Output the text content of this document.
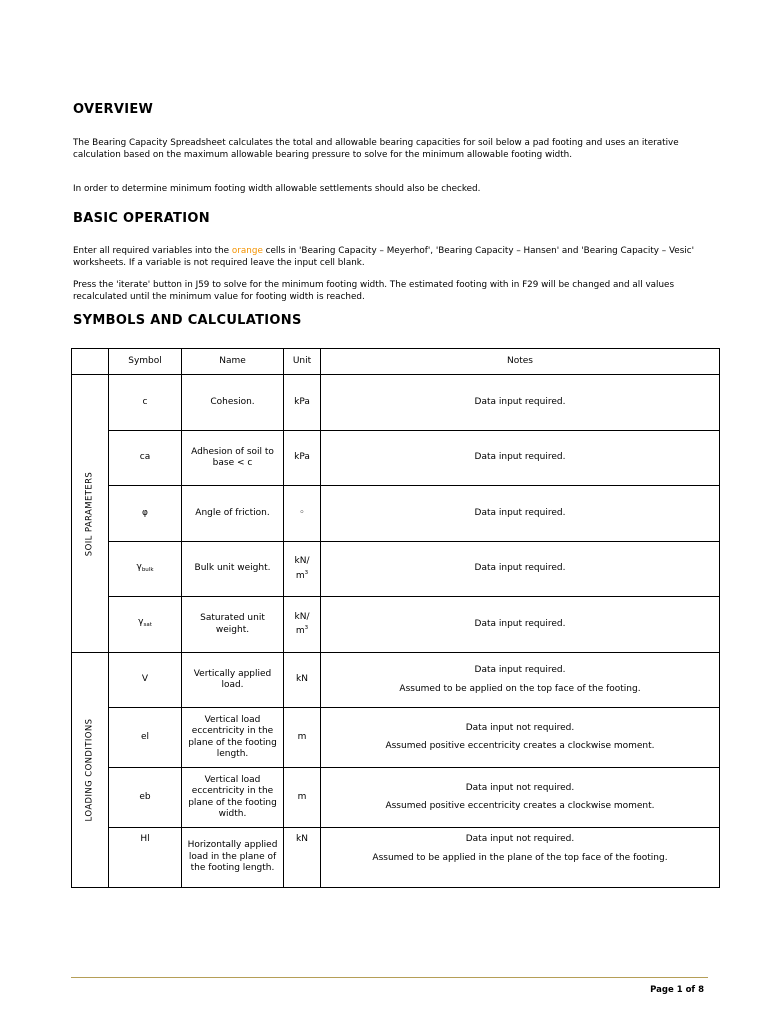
OVERVIEW

The Bearing Capacity Spreadsheet calculates the total and allowable bearing capacities for soil below a pad footing and uses an iterative calculation based on the maximum allowable bearing pressure to solve for the minimum allowable footing width.

In order to determine minimum footing width allowable settlements should also be checked.

BASIC OPERATION

Enter all required variables into the orange cells in 'Bearing Capacity – Meyerhof', 'Bearing Capacity – Hansen' and 'Bearing Capacity – Vesic' worksheets. If a variable is not required leave the input cell blank.

Press the 'iterate' button in J59 to solve for the minimum footing width. The estimated footing with in F29 will be changed and all values recalculated until the minimum value for footing width is reached.

SYMBOLS AND CALCULATIONS
	Symbol	Name	Unit	Notes

SOIL PARAMETERS	c	Cohesion.	kPa	Data input required.

	ca	Adhesion of soil to base < c	kPa	Data input required.

	φ	Angle of friction.	◦	Data input required.

	$\gamma_{bulk}$	Bulk unit weight.	kN/
$m^3$	Data input required.

	$\gamma_{sat}$	Saturated unit weight.	kN/
$m^3$	Data input required.

LOADING CONDITIONS	V	Vertically applied load.	kN	Data input required.
Assumed to be applied on the top face of the footing.

	el	Vertical load eccentricity in the plane of the footing length.	m	Data input not required.
Assumed positive eccentricity creates a clockwise moment.

	eb	Vertical load eccentricity in the plane of the footing width.	m	Data input not required.
Assumed positive eccentricity creates a clockwise moment.

	Hl	Horizontally applied load in the plane of the footing length.	kN	Data input not required.
Assumed to be applied in the plane of the top face of the footing.
Page 1 of 8
